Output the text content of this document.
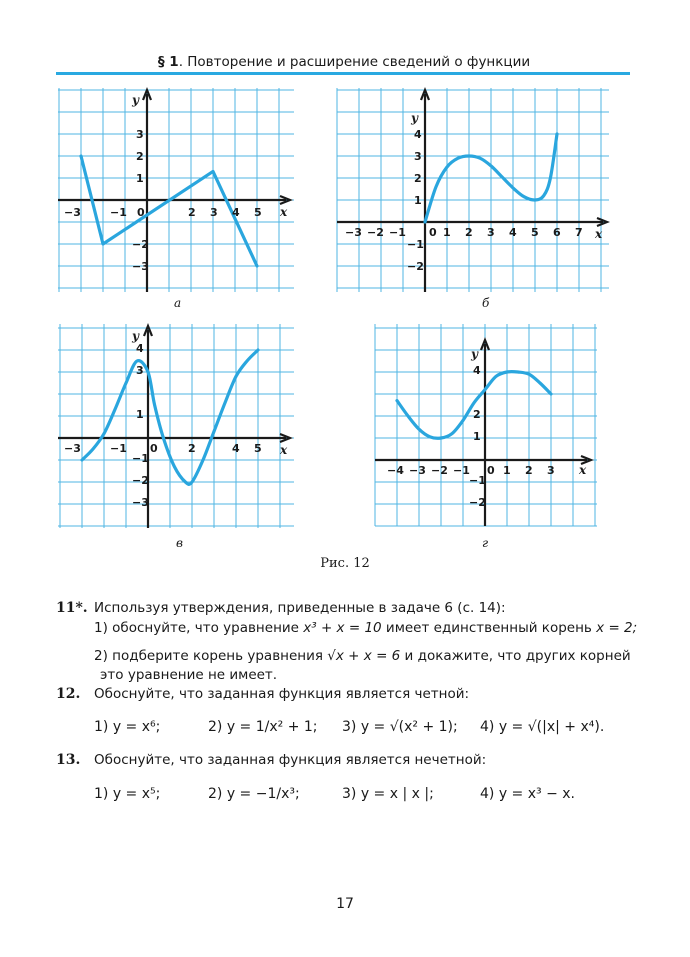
§ 1. Повторение и расширение сведений о функции
−3	−1 0	2 3 4 5
3
2
1
−2
−3
x
y
а
−3 −2 −1 0 1 2 3 4 5 6 7
4
3
2
1
−1
−2
x
y
б
−3	−1 0	2	4 5
4
3
1
−1
−2
−3
x
y
в
−4 −3 −2 −1 0 1 2 3
4
2
1
−1
−2
x
y
г
Рис. 12
11*. Используя утверждения, приведенные в задаче 6 (с. 14):
1) обоснуйте, что уравнение x³ + x = 10 имеет единственный корень x = 2;
2) подберите корень уравнения √x + x = 6 и докажите, что других корней
это уравнение не имеет.
12. Обоснуйте, что заданная функция является четной:
1) y = x⁶;	2) y = 1/x² + 1; 3) y = √(x² + 1); 4) y = √(|x| + x⁴).
13. Обоснуйте, что заданная функция является нечетной:
1) y = x⁵;	2) y = −1/x³;	3) y = x | x |;	4) y = x³ − x.
17
